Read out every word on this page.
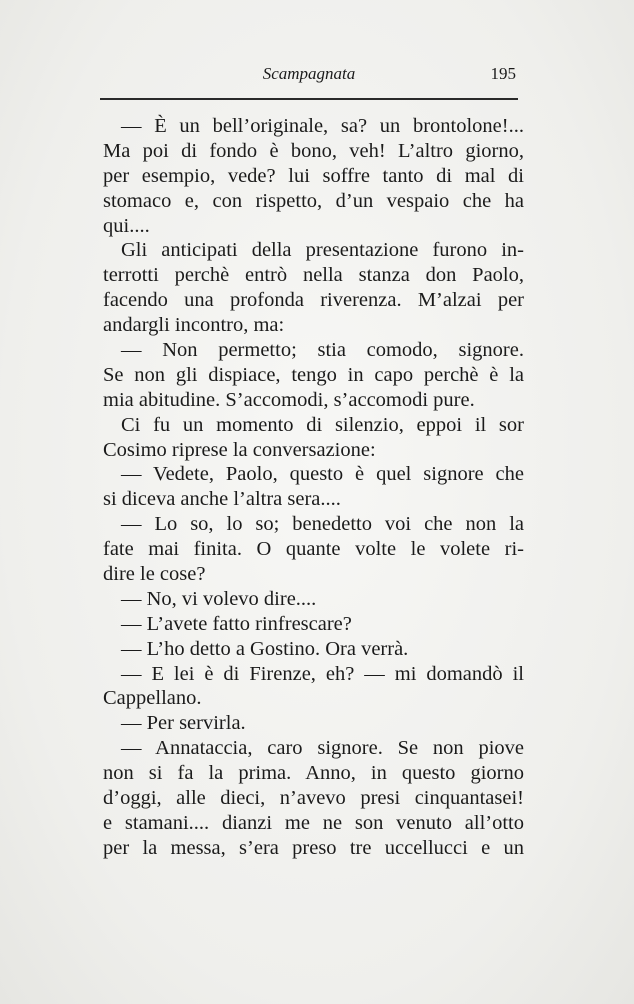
Scampagnata	195
— È un bell’originale, sa? un brontolone!...
Ma poi di fondo è bono, veh! L’altro giorno,
per esempio, vede? lui soffre tanto di mal di
stomaco e, con rispetto, d’un vespaio che ha
qui....
Gli anticipati della presentazione furono in-
terrotti perchè entrò nella stanza don Paolo,
facendo una profonda riverenza. M’alzai per
andargli incontro, ma:
— Non permetto; stia comodo, signore.
Se non gli dispiace, tengo in capo perchè è la
mia abitudine. S’accomodi, s’accomodi pure.
Ci fu un momento di silenzio, eppoi il sor
Cosimo riprese la conversazione:
— Vedete, Paolo, questo è quel signore che
si diceva anche l’altra sera....
— Lo so, lo so; benedetto voi che non la
fate mai finita. O quante volte le volete ri-
dire le cose?
— No, vi volevo dire....
— L’avete fatto rinfrescare?
— L’ho detto a Gostino. Ora verrà.
— E lei è di Firenze, eh? — mi domandò il
Cappellano.
— Per servirla.
— Annataccia, caro signore. Se non piove
non si fa la prima. Anno, in questo giorno
d’oggi, alle dieci, n’avevo presi cinquantasei!
e stamani.... dianzi me ne son venuto all’otto
per la messa, s’era preso tre uccellucci e un
